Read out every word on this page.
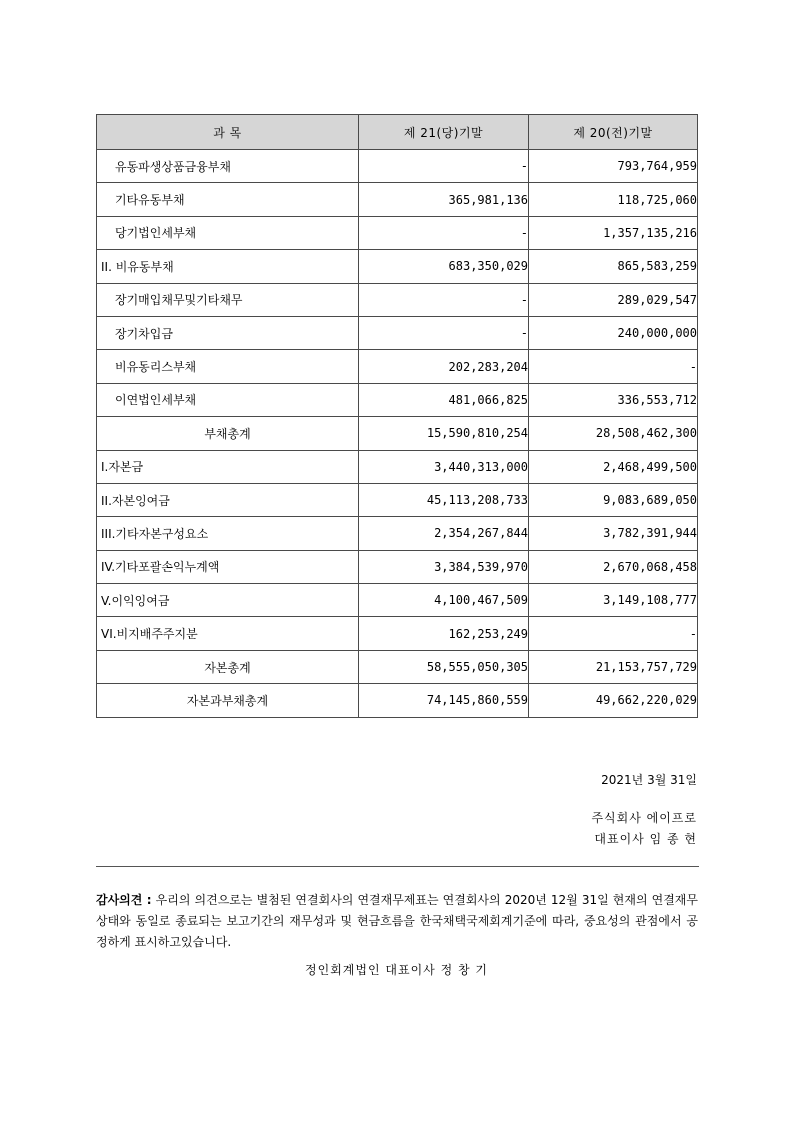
과 목	제 21(당)기말	제 20(전)기말
유동파생상품금융부채	-	793,764,959
기타유동부채	365,981,136	118,725,060
당기법인세부채	-	1,357,135,216
II. 비유동부채	683,350,029	865,583,259
장기매입채무및기타채무	-	289,029,547
장기차입금	-	240,000,000
비유동리스부채	202,283,204	-
이연법인세부채	481,066,825	336,553,712
부채총계	15,590,810,254	28,508,462,300
I.자본금	3,440,313,000	2,468,499,500
II.자본잉여금	45,113,208,733	9,083,689,050
III.기타자본구성요소	2,354,267,844	3,782,391,944
IV.기타포괄손익누계액	3,384,539,970	2,670,068,458
V.이익잉여금	4,100,467,509	3,149,108,777
VI.비지배주주지분	162,253,249	-
자본총계	58,555,050,305	21,153,757,729
자본과부채총계	74,145,860,559	49,662,220,029
2021년 3월 31일
주식회사 에이프로
대표이사 임 종 현
감사의견 : 우리의 의견으로는 별첨된 연결회사의 연결재무제표는 연결회사의 2020년 12월 31일 현재의 연결재무상태와 동일로 종료되는 보고기간의 재무성과 및 현금흐름을 한국채택국제회계기준에 따라, 중요성의 관점에서 공정하게 표시하고있습니다.
정인회계법인 대표이사 정 창 기
